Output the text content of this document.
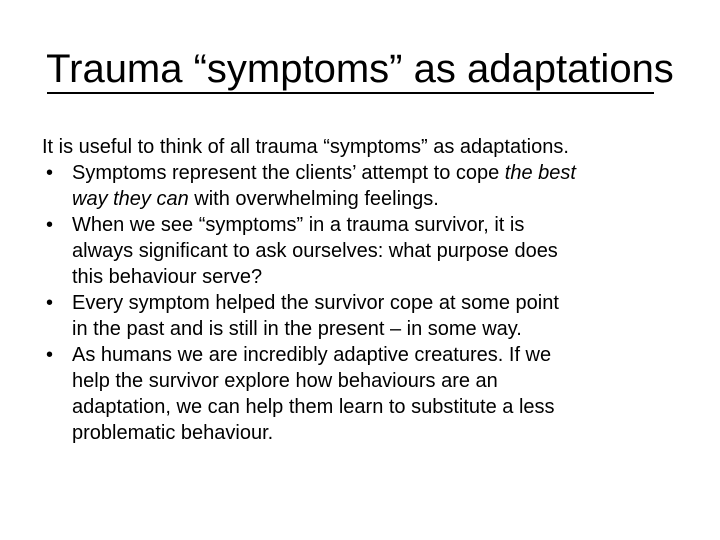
Trauma “symptoms” as adaptations

It is useful to think of all trauma “symptoms” as adaptations.

• Symptoms represent the clients’ attempt to cope the best
way they can with overwhelming feelings.
• When we see “symptoms” in a trauma survivor, it is
always significant to ask ourselves: what purpose does
this behaviour serve?
• Every symptom helped the survivor cope at some point
in the past and is still in the present – in some way.
• As humans we are incredibly adaptive creatures. If we
help the survivor explore how behaviours are an
adaptation, we can help them learn to substitute a less
problematic behaviour.
